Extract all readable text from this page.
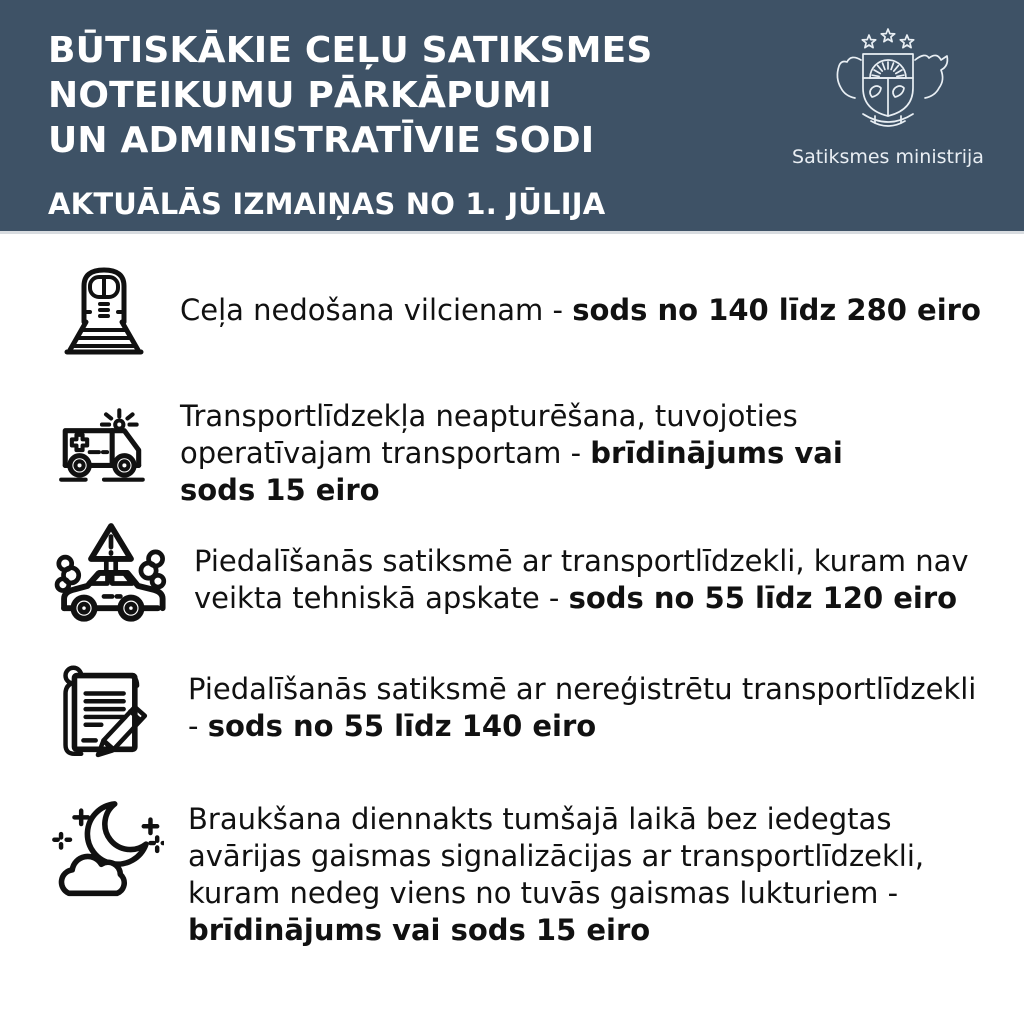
BŪTISKĀKIE CEĻU SATIKSMES
NOTEIKUMU PĀRKĀPUMI
UN ADMINISTRATĪVIE SODI
AKTUĀLĀS IZMAIŅAS NO 1. JŪLIJA
Satiksmes ministrija
Ceļa nedošana vilcienam - sods no 140 līdz 280 eiro
Transportlīdzekļa neapturēšana, tuvojoties operatīvajam transportam - brīdinājums vai sods 15 eiro
Piedalīšanās satiksmē ar transportlīdzekli, kuram nav veikta tehniskā apskate - sods no 55 līdz 120 eiro
Piedalīšanās satiksmē ar nereģistrētu transportlīdzekli - sods no 55 līdz 140 eiro
Braukšana diennakts tumšajā laikā bez iedegtas avārijas gaismas signalizācijas ar transportlīdzekli, kuram nedeg viens no tuvās gaismas lukturiem - brīdinājums vai sods 15 eiro
